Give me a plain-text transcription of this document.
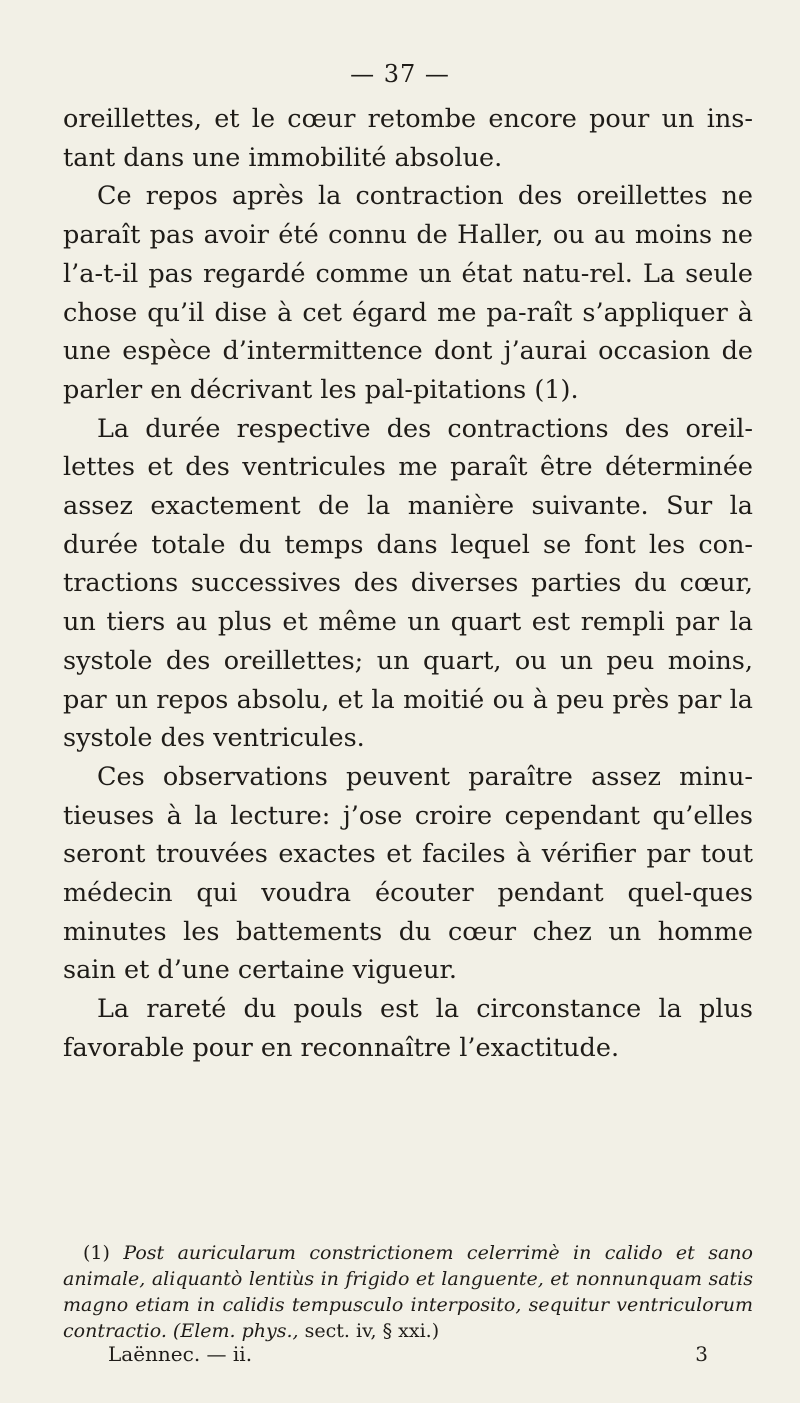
— 37 —

oreillettes, et le cœur retombe encore pour un ins-tant dans une immobilité absolue.

Ce repos après la contraction des oreillettes ne paraît pas avoir été connu de Haller, ou au moins ne l’a-t-il pas regardé comme un état natu-rel. La seule chose qu’il dise à cet égard me pa-raît s’appliquer à une espèce d’intermittence dont j’aurai occasion de parler en décrivant les pal-pitations (1).

La durée respective des contractions des oreil-lettes et des ventricules me paraît être déterminée assez exactement de la manière suivante. Sur la durée totale du temps dans lequel se font les con-tractions successives des diverses parties du cœur, un tiers au plus et même un quart est rempli par la systole des oreillettes; un quart, ou un peu moins, par un repos absolu, et la moitié ou à peu près par la systole des ventricules.

Ces observations peuvent paraître assez minu-tieuses à la lecture: j’ose croire cependant qu’elles seront trouvées exactes et faciles à vérifier par tout médecin qui voudra écouter pendant quel-ques minutes les battements du cœur chez un homme sain et d’une certaine vigueur.

La rareté du pouls est la circonstance la plus favorable pour en reconnaître l’exactitude.

(1) Post auricularum constrictionem celerrimè in calido et sano animale, aliquantò lentiùs in frigido et languente, et nonnunquam satis magno etiam in calidis tempusculo interposito, sequitur ventriculorum contractio. (Elem. phys., sect. iv, § xxi.)
Laënnec. — ii.	3
